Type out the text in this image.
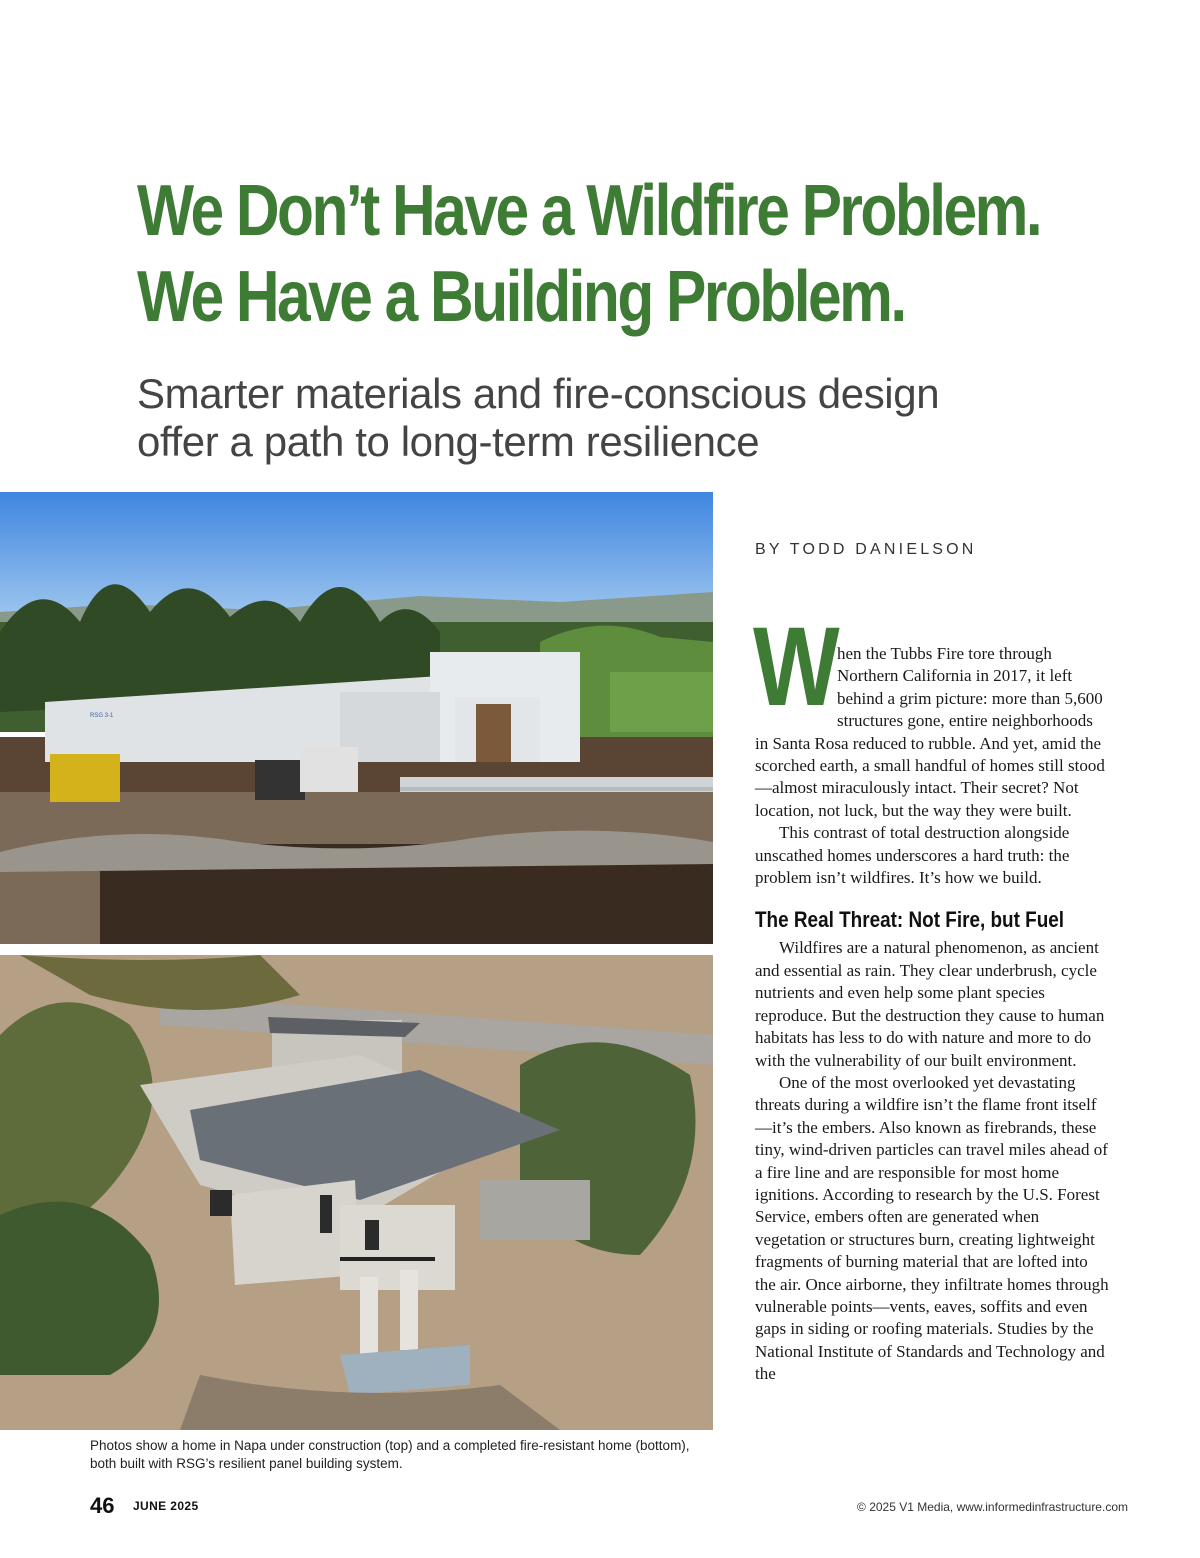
We Don’t Have a Wildfire Problem.
We Have a Building Problem.
Smarter materials and fire-conscious design
offer a path to long-term resilience
RSG 3-1
Photos show a home in Napa under construction (top) and a completed fire-resistant home (bottom), both built with RSG’s resilient panel building system.
BY TODD DANIELSON
W

hen the Tubbs Fire tore through Northern California in 2017, it left behind a grim picture: more than 5,600 structures gone, entire neighborhoods in Santa Rosa reduced to rubble. And yet, amid the scorched earth, a small handful of homes still stood—almost miraculously intact. Their secret? Not location, not luck, but the way they were built.

This contrast of total destruction alongside unscathed homes underscores a hard truth: the problem isn’t wildfires. It’s how we build.

The Real Threat: Not Fire, but Fuel

Wildfires are a natural phenomenon, as ancient and essential as rain. They clear underbrush, cycle nutrients and even help some plant species reproduce. But the destruction they cause to human habitats has less to do with nature and more to do with the vulnerability of our built environment.

One of the most overlooked yet devastating threats during a wildfire isn’t the flame front itself—it’s the embers. Also known as firebrands, these tiny, wind-driven particles can travel miles ahead of a fire line and are responsible for most home ignitions. According to research by the U.S. Forest Service, embers often are generated when vegetation or structures burn, creating lightweight fragments of burning material that are lofted into the air. Once airborne, they infiltrate homes through vulnerable points—vents, eaves, soffits and even gaps in siding or roofing materials. Studies by the National Institute of Standards and Technology and the

46 JUNE 2025	© 2025 V1 Media, www.informedinfrastructure.com
